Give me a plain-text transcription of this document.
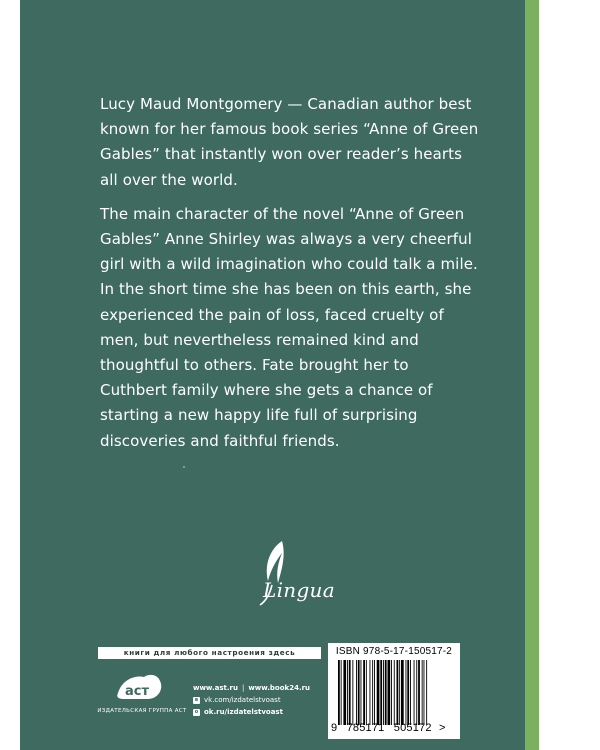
Lucy Maud Montgomery — Canadian author best known for her famous book series “Anne of Green Gables” that instantly won over reader’s hearts all over the world.

The main character of the novel “Anne of Green Gables” Anne Shirley was always a very cheerful girl with a wild imagination who could talk a mile. In the short time she has been on this earth, she experienced the pain of loss, faced cruelty of men, but nevertheless remained kind and thoughtful to others. Fate brought her to Cuthbert family where she gets a chance of starting a new happy life full of surprising discoveries and faithful friends.

Lingua
книги для любого настроения здесь
аст
ИЗДАТЕЛЬСКАЯ ГРУППА АСТ
www.ast.ru | www.book24.ru
в vk.com/izdatelstvoast
о ok.ru/izdatelstvoast
ISBN 978-5-17-150517-2
9 785171 505172 >
